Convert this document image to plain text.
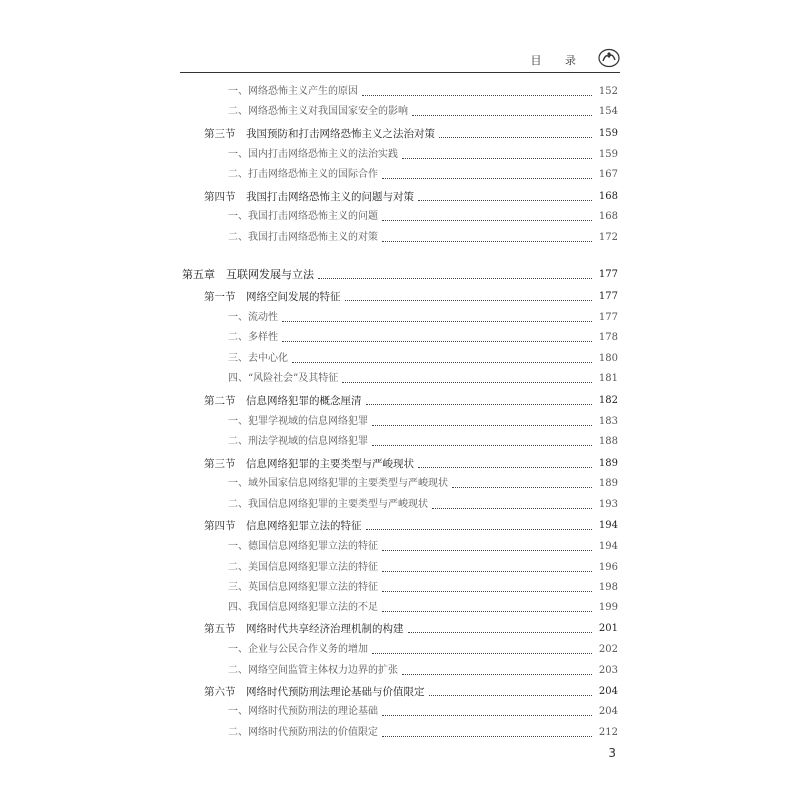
目 录
一、网络恐怖主义产生的原因	152
二、网络恐怖主义对我国国家安全的影响	154
第三节　我国预防和打击网络恐怖主义之法治对策	159
一、国内打击网络恐怖主义的法治实践	159
二、打击网络恐怖主义的国际合作	167
第四节　我国打击网络恐怖主义的问题与对策	168
一、我国打击网络恐怖主义的问题	168
二、我国打击网络恐怖主义的对策	172
第五章　互联网发展与立法	177
第一节　网络空间发展的特征	177
一、流动性	177
二、多样性	178
三、去中心化	180
四、“风险社会”及其特征	181
第二节　信息网络犯罪的概念厘清	182
一、犯罪学视域的信息网络犯罪	183
二、刑法学视域的信息网络犯罪	188
第三节　信息网络犯罪的主要类型与严峻现状	189
一、域外国家信息网络犯罪的主要类型与严峻现状	189
二、我国信息网络犯罪的主要类型与严峻现状	193
第四节　信息网络犯罪立法的特征	194
一、德国信息网络犯罪立法的特征	194
二、美国信息网络犯罪立法的特征	196
三、英国信息网络犯罪立法的特征	198
四、我国信息网络犯罪立法的不足	199
第五节　网络时代共享经济治理机制的构建	201
一、企业与公民合作义务的增加	202
二、网络空间监管主体权力边界的扩张	203
第六节　网络时代预防刑法理论基础与价值限定	204
一、网络时代预防刑法的理论基础	204
二、网络时代预防刑法的价值限定	212
3
